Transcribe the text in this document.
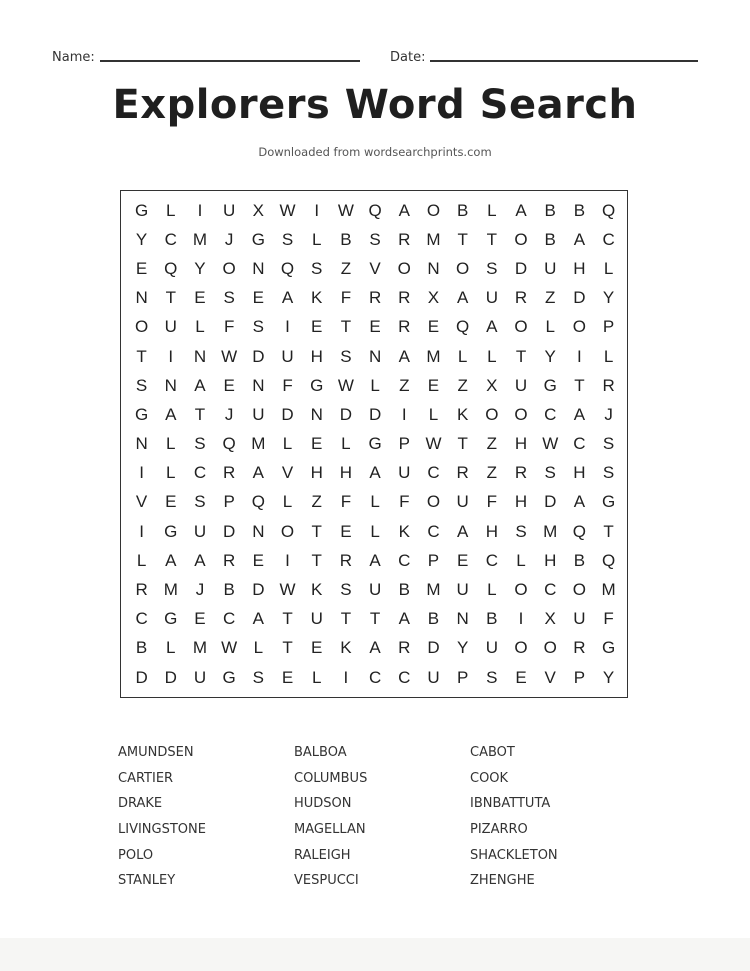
Name:	Date:
Explorers Word Search
Downloaded from wordsearchprints.com
G	L	I	U	X W	I	W Q A O B	L	A	B	B Q
Y	C M	J	G S	L	B	S	R M T	T	O B	A	C
E Q Y O N Q S	Z	V O N O S	D U H	L
N	T	E	S	E	A	K	F	R R	X	A	U R	Z	D	Y
O U	L	F	S	I	E	T	E	R	E Q A O	L	O P
T	I	N W D U H	S	N	A M	L	L	T	Y	I	L
S	N	A	E	N	F	G W L	Z	E	Z	X	U G	T	R
G A	T	J	U D N D D	I	L	K O O C	A	J
N	L	S Q M	L	E	L	G P W T	Z	H W C	S
I	L	C R	A	V	H H	A	U C R	Z	R	S	H	S
V	E	S	P Q	L	Z	F	L	F	O U	F	H D	A G
I	G U D N O	T	E	L	K	C	A	H	S M Q	T
L	A	A	R	E	I	T	R	A	C	P	E	C	L	H	B Q
R M	J	B	D W K	S	U	B M U	L	O C O M
C G E	C	A	T	U	T	T	A	B	N	B	I	X	U	F
B	L	M W L	T	E	K	A	R D	Y	U O O R G
D D U G S	E	L	I	C C U	P	S	E	V	P	Y
AMUNDSEN	BALBOA	CABOT
CARTIER	COLUMBUS	COOK
DRAKE	HUDSON	IBNBATTUTA
LIVINGSTONE	MAGELLAN	PIZARRO
POLO	RALEIGH	SHACKLETON
STANLEY	VESPUCCI	ZHENGHE
